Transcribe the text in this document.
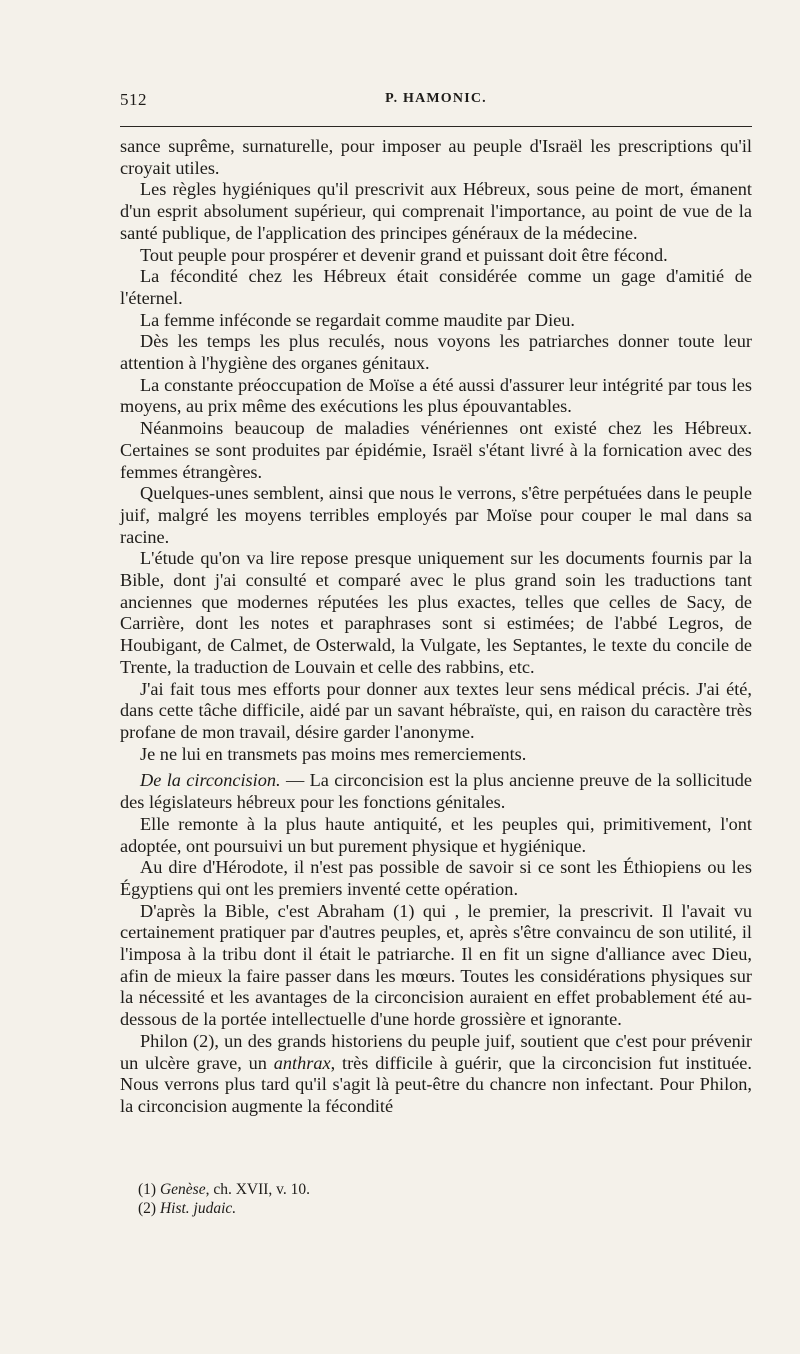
512	P. HAMONIC.

sance suprême, surnaturelle, pour imposer au peuple d'Israël les prescriptions qu'il croyait utiles.

Les règles hygiéniques qu'il prescrivit aux Hébreux, sous peine de mort, émanent d'un esprit absolument supérieur, qui comprenait l'importance, au point de vue de la santé publique, de l'application des principes généraux de la médecine.

Tout peuple pour prospérer et devenir grand et puissant doit être fécond.

La fécondité chez les Hébreux était considérée comme un gage d'amitié de l'éternel.

La femme inféconde se regardait comme maudite par Dieu.

Dès les temps les plus reculés, nous voyons les patriarches donner toute leur attention à l'hygiène des organes génitaux.

La constante préoccupation de Moïse a été aussi d'assurer leur intégrité par tous les moyens, au prix même des exécutions les plus épouvantables.

Néanmoins beaucoup de maladies vénériennes ont existé chez les Hébreux. Certaines se sont produites par épidémie, Israël s'étant livré à la fornication avec des femmes étrangères.

Quelques-unes semblent, ainsi que nous le verrons, s'être perpétuées dans le peuple juif, malgré les moyens terribles employés par Moïse pour couper le mal dans sa racine.

L'étude qu'on va lire repose presque uniquement sur les documents fournis par la Bible, dont j'ai consulté et comparé avec le plus grand soin les traductions tant anciennes que modernes réputées les plus exactes, telles que celles de Sacy, de Carrière, dont les notes et paraphrases sont si estimées; de l'abbé Legros, de Houbigant, de Calmet, de Osterwald, la Vulgate, les Septantes, le texte du concile de Trente, la traduction de Louvain et celle des rabbins, etc.

J'ai fait tous mes efforts pour donner aux textes leur sens médical précis. J'ai été, dans cette tâche difficile, aidé par un savant hébraïste, qui, en raison du caractère très profane de mon travail, désire garder l'anonyme.

Je ne lui en transmets pas moins mes remerciements.

De la circoncision. — La circoncision est la plus ancienne preuve de la sollicitude des législateurs hébreux pour les fonctions génitales.

Elle remonte à la plus haute antiquité, et les peuples qui, primitivement, l'ont adoptée, ont poursuivi un but purement physique et hygiénique.

Au dire d'Hérodote, il n'est pas possible de savoir si ce sont les Éthiopiens ou les Égyptiens qui ont les premiers inventé cette opération.

D'après la Bible, c'est Abraham (1) qui , le premier, la prescrivit. Il l'avait vu certainement pratiquer par d'autres peuples, et, après s'être convaincu de son utilité, il l'imposa à la tribu dont il était le patriarche. Il en fit un signe d'alliance avec Dieu, afin de mieux la faire passer dans les mœurs. Toutes les considérations physiques sur la nécessité et les avantages de la circoncision auraient en effet probablement été au-dessous de la portée intellectuelle d'une horde grossière et ignorante.

Philon (2), un des grands historiens du peuple juif, soutient que c'est pour prévenir un ulcère grave, un anthrax, très difficile à guérir, que la circoncision fut instituée. Nous verrons plus tard qu'il s'agit là peut-être du chancre non infectant. Pour Philon, la circoncision augmente la fécondité

(1) Genèse, ch. XVII, v. 10.

(2) Hist. judaic.
